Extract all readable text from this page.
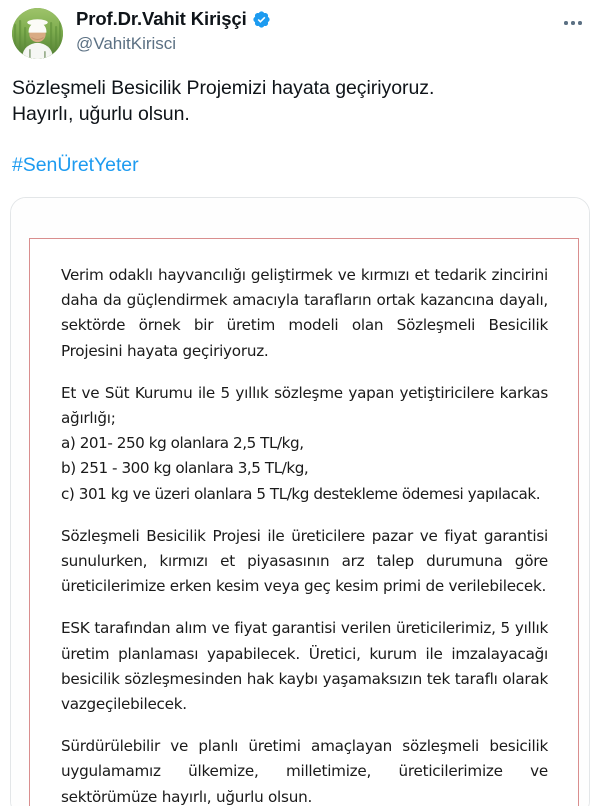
Prof.Dr.Vahit Kirişçi
@VahitKirisci

Sözleşmeli Besicilik Projemizi hayata geçiriyoruz.

Hayırlı, uğurlu olsun.

#SenÜretYeter

Verim odaklı hayvancılığı geliştirmek ve kırmızı et tedarik zincirini daha da güçlendirmek amacıyla tarafların ortak kazancına dayalı, sektörde örnek bir üretim modeli olan Sözleşmeli Besicilik Projesini hayata geçiriyoruz.

Et ve Süt Kurumu ile 5 yıllık sözleşme yapan yetiştiricilere karkas ağırlığı;

a) 201- 250 kg olanlara 2,5 TL/kg,

b) 251 - 300 kg olanlara 3,5 TL/kg,

c) 301 kg ve üzeri olanlara 5 TL/kg destekleme ödemesi yapılacak.

Sözleşmeli Besicilik Projesi ile üreticilere pazar ve fiyat garantisi sunulurken, kırmızı et piyasasının arz talep durumuna göre üreticilerimize erken kesim veya geç kesim primi de verilebilecek.

ESK tarafından alım ve fiyat garantisi verilen üreticilerimiz, 5 yıllık üretim planlaması yapabilecek. Üretici, kurum ile imzalayacağı besicilik sözleşmesinden hak kaybı yaşamaksızın tek taraflı olarak vazgeçilebilecek.

Sürdürülebilir ve planlı üretimi amaçlayan sözleşmeli besicilik uygulamamız ülkemize, milletimize, üreticilerimize ve sektörümüze hayırlı, uğurlu olsun.
